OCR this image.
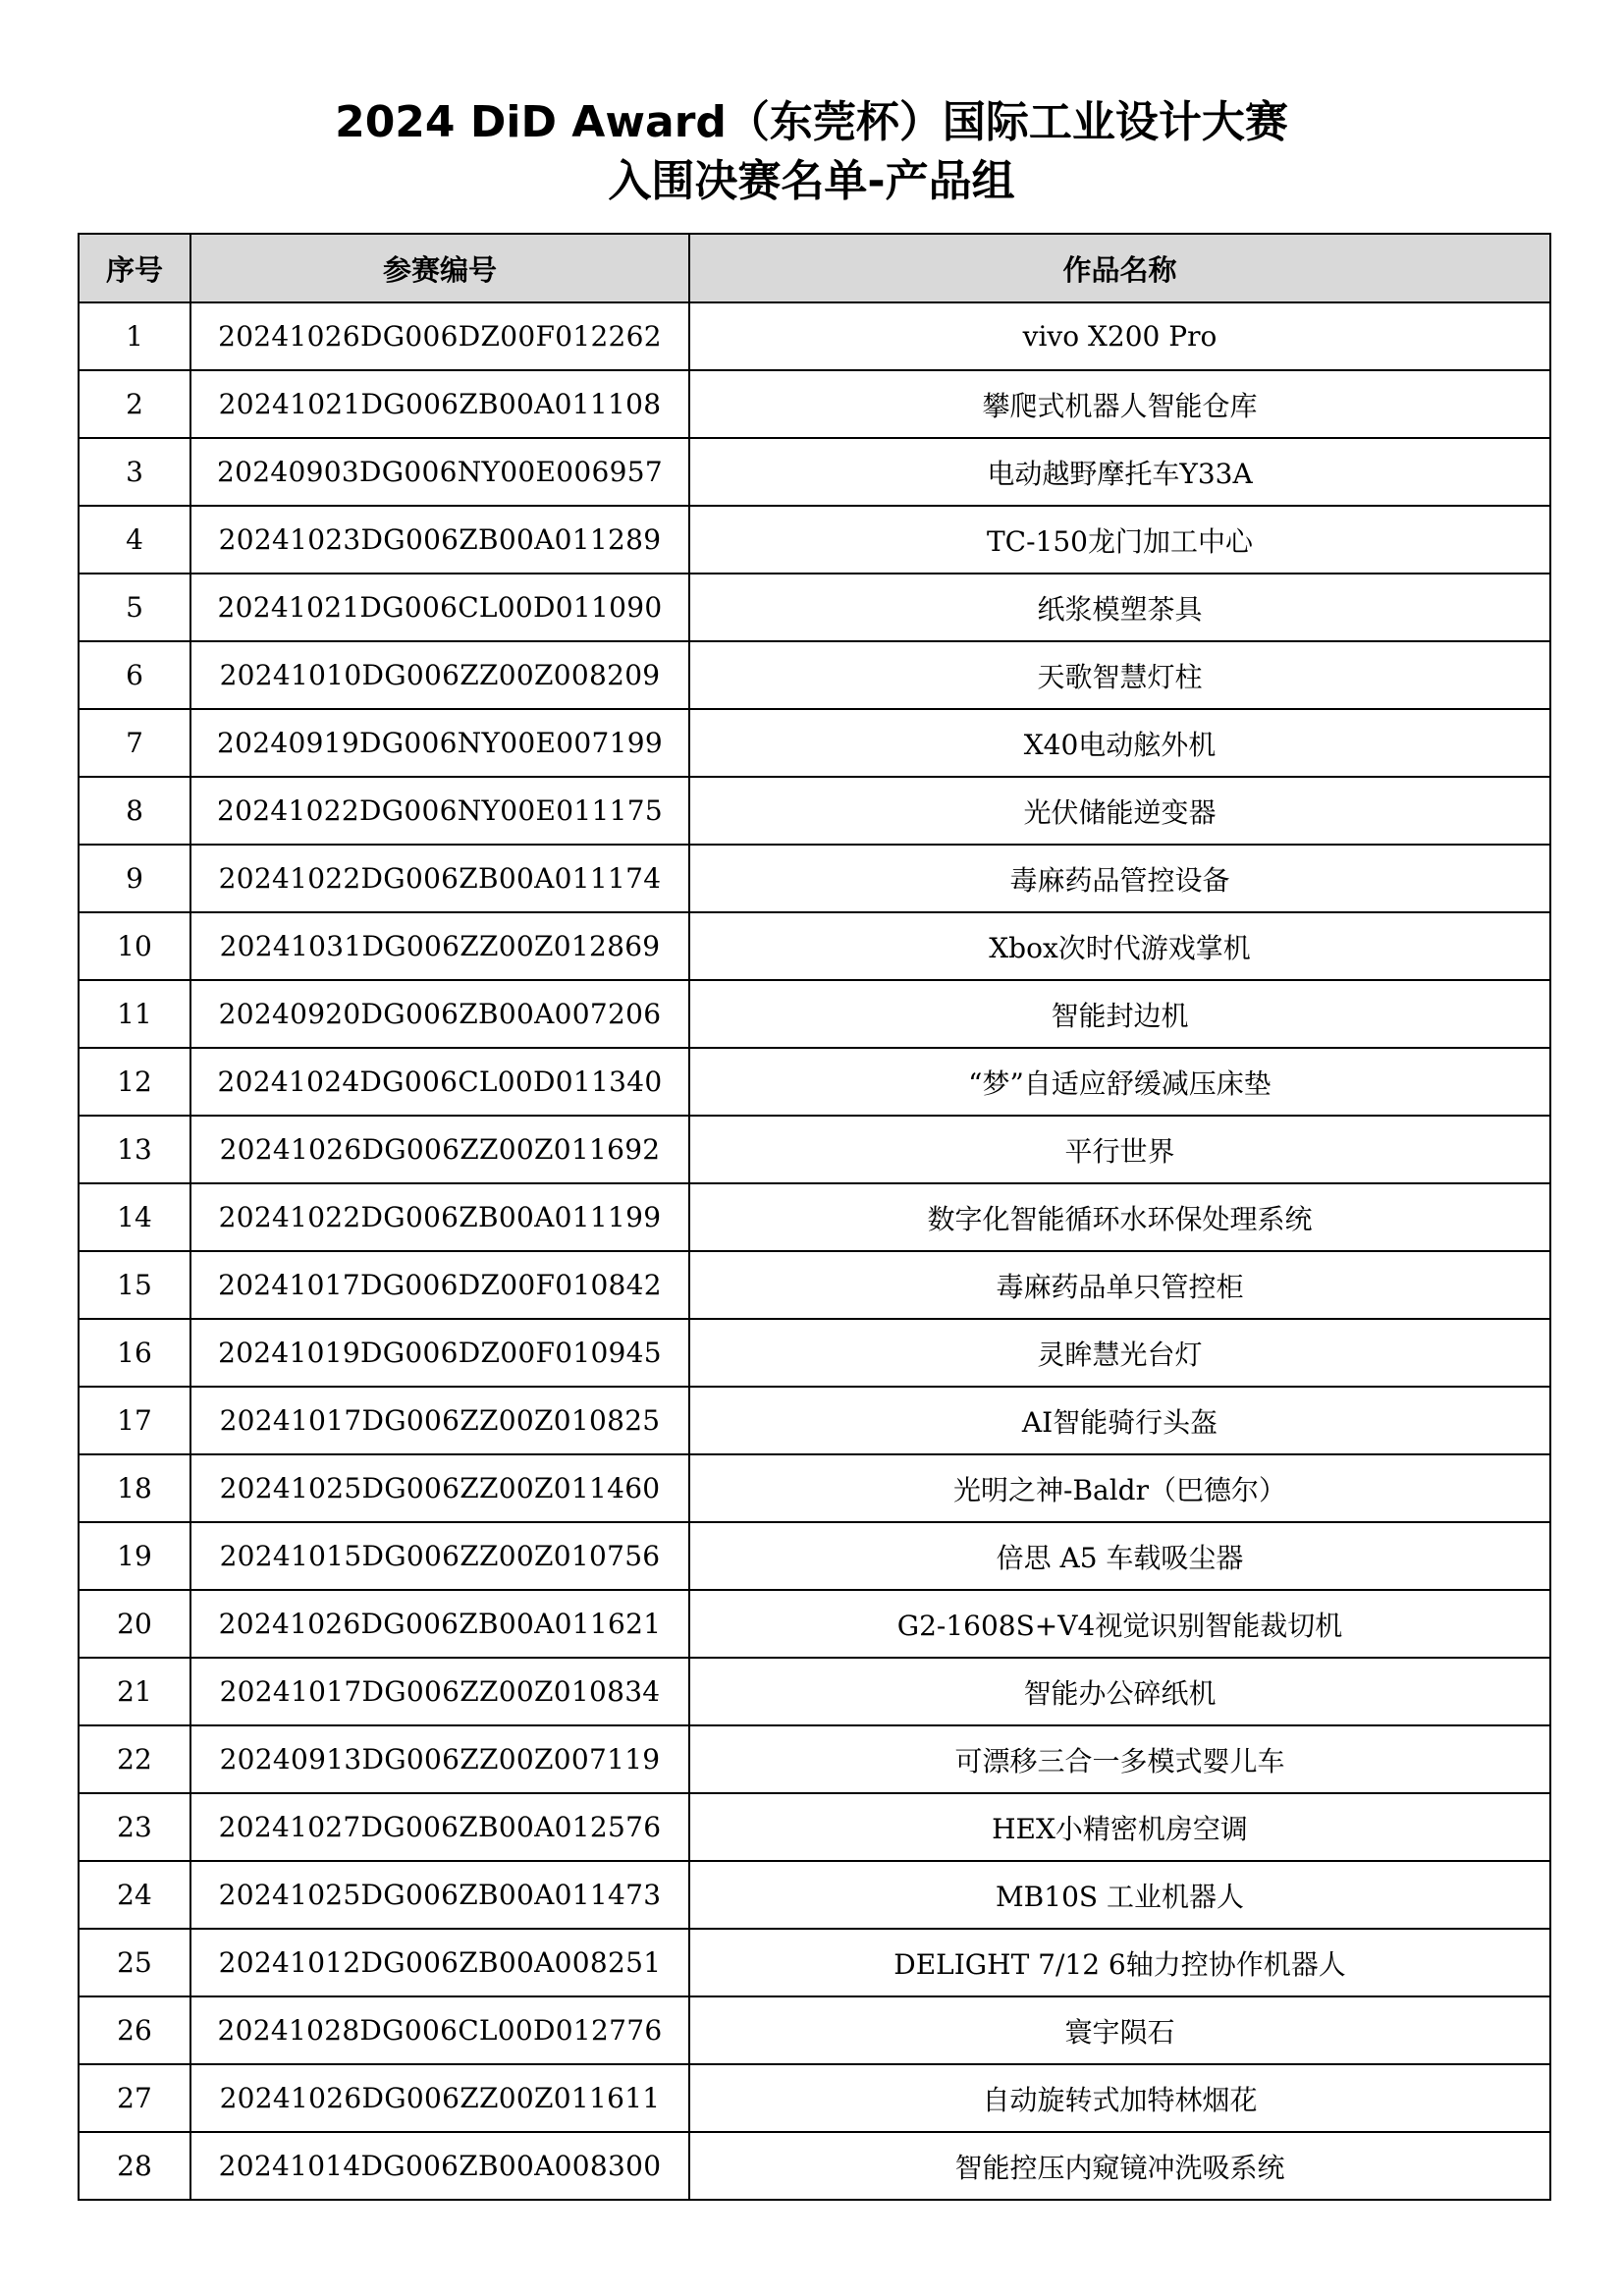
2024 DiD Award（东莞杯）国际工业设计大赛
入围决赛名单-产品组
序号	参赛编号	作品名称
1	20241026DG006DZ00F012262	vivo X200 Pro
2	20241021DG006ZB00A011108	攀爬式机器人智能仓库
3	20240903DG006NY00E006957	电动越野摩托车Y33A
4	20241023DG006ZB00A011289	TC-150龙门加工中心
5	20241021DG006CL00D011090	纸浆模塑茶具
6	20241010DG006ZZ00Z008209	天歌智慧灯柱
7	20240919DG006NY00E007199	X40电动舷外机
8	20241022DG006NY00E011175	光伏储能逆变器
9	20241022DG006ZB00A011174	毒麻药品管控设备
10	20241031DG006ZZ00Z012869	Xbox次时代游戏掌机
11	20240920DG006ZB00A007206	智能封边机
12	20241024DG006CL00D011340	“梦”自适应舒缓减压床垫
13	20241026DG006ZZ00Z011692	平行世界
14	20241022DG006ZB00A011199	数字化智能循环水环保处理系统
15	20241017DG006DZ00F010842	毒麻药品单只管控柜
16	20241019DG006DZ00F010945	灵眸慧光台灯
17	20241017DG006ZZ00Z010825	AI智能骑行头盔
18	20241025DG006ZZ00Z011460	光明之神-Baldr（巴德尔）
19	20241015DG006ZZ00Z010756	倍思 A5 车载吸尘器
20	20241026DG006ZB00A011621	G2-1608S+V4视觉识别智能裁切机
21	20241017DG006ZZ00Z010834	智能办公碎纸机
22	20240913DG006ZZ00Z007119	可漂移三合一多模式婴儿车
23	20241027DG006ZB00A012576	HEX小精密机房空调
24	20241025DG006ZB00A011473	MB10S 工业机器人
25	20241012DG006ZB00A008251	DELIGHT 7/12 6轴力控协作机器人
26	20241028DG006CL00D012776	寰宇陨石
27	20241026DG006ZZ00Z011611	自动旋转式加特林烟花
28	20241014DG006ZB00A008300	智能控压内窥镜冲洗吸系统
